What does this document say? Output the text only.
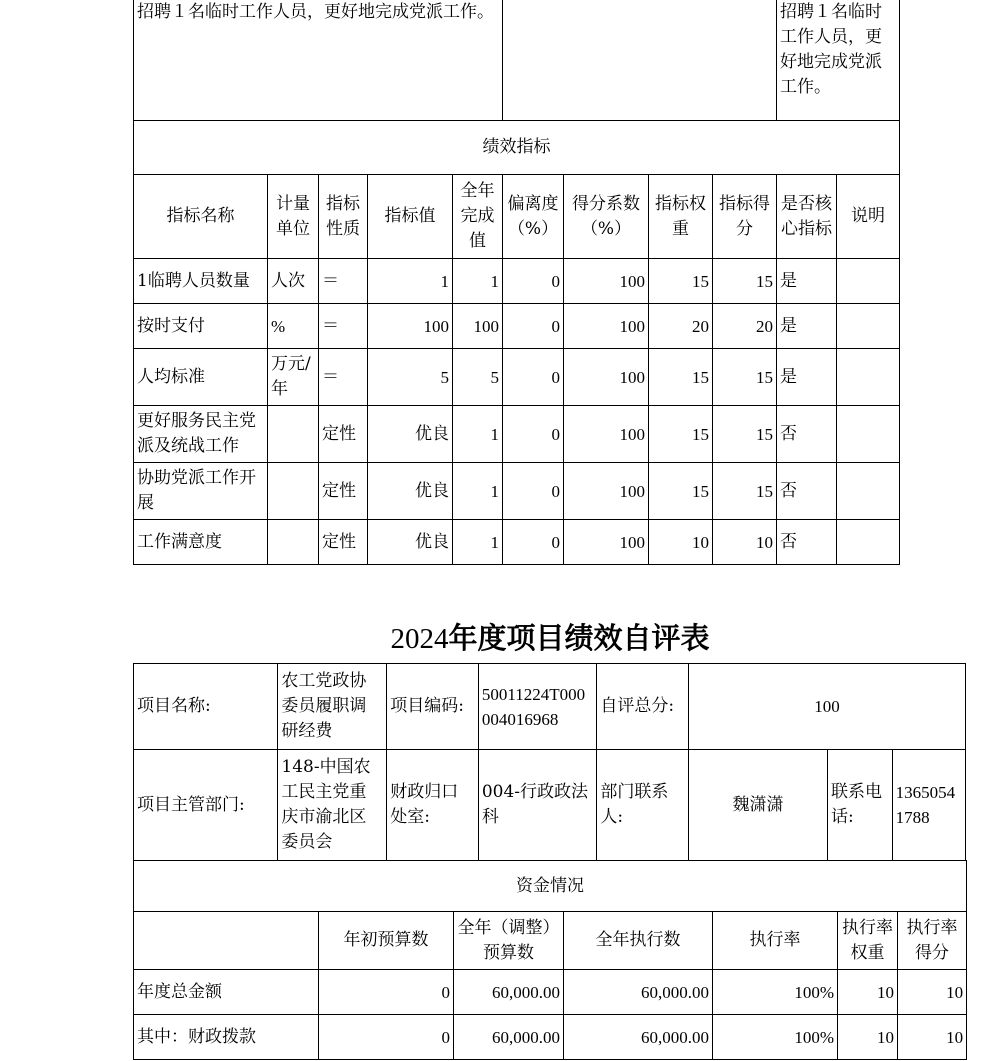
招聘１名临时工作人员，更好地完成党派工作。									招聘１名临时工作人员，更好地完成党派工作。	
绩效指标										
指标名称	计量单位	指标性质	指标值	全年完成值	偏离度（%）	得分系数（%）	指标权重	指标得分	是否核心指标	说明
1临聘人员数量	人次	＝	1	1	0	100	15	15	是	
按时支付	%	＝	100	100	0	100	20	20	是	
人均标准	万元/年	＝	5	5	0	100	15	15	是	
更好服务民主党派及统战工作		定性	优良	1	0	100	15	15	否	
协助党派工作开展		定性	优良	1	0	100	15	15	否	
工作满意度		定性	优良	1	0	100	10	10	否	
2024年度项目绩效自评表
项目名称:	农工党政协委员履职调研经费	项目编码:	50011224T000004016968	自评总分:	100		
项目主管部门:	148-中国农工民主党重庆市渝北区委员会	财政归口处室:	004-行政政法科	部门联系人:	魏潇潇	联系电话:	13650541788
资金情况						
	年初预算数	全年（调整）预算数	全年执行数	执行率	执行率权重	执行率得分
年度总金额	0	60,000.00	60,000.00	100%	10	10
其中：财政拨款	0	60,000.00	60,000.00	100%	10	10
